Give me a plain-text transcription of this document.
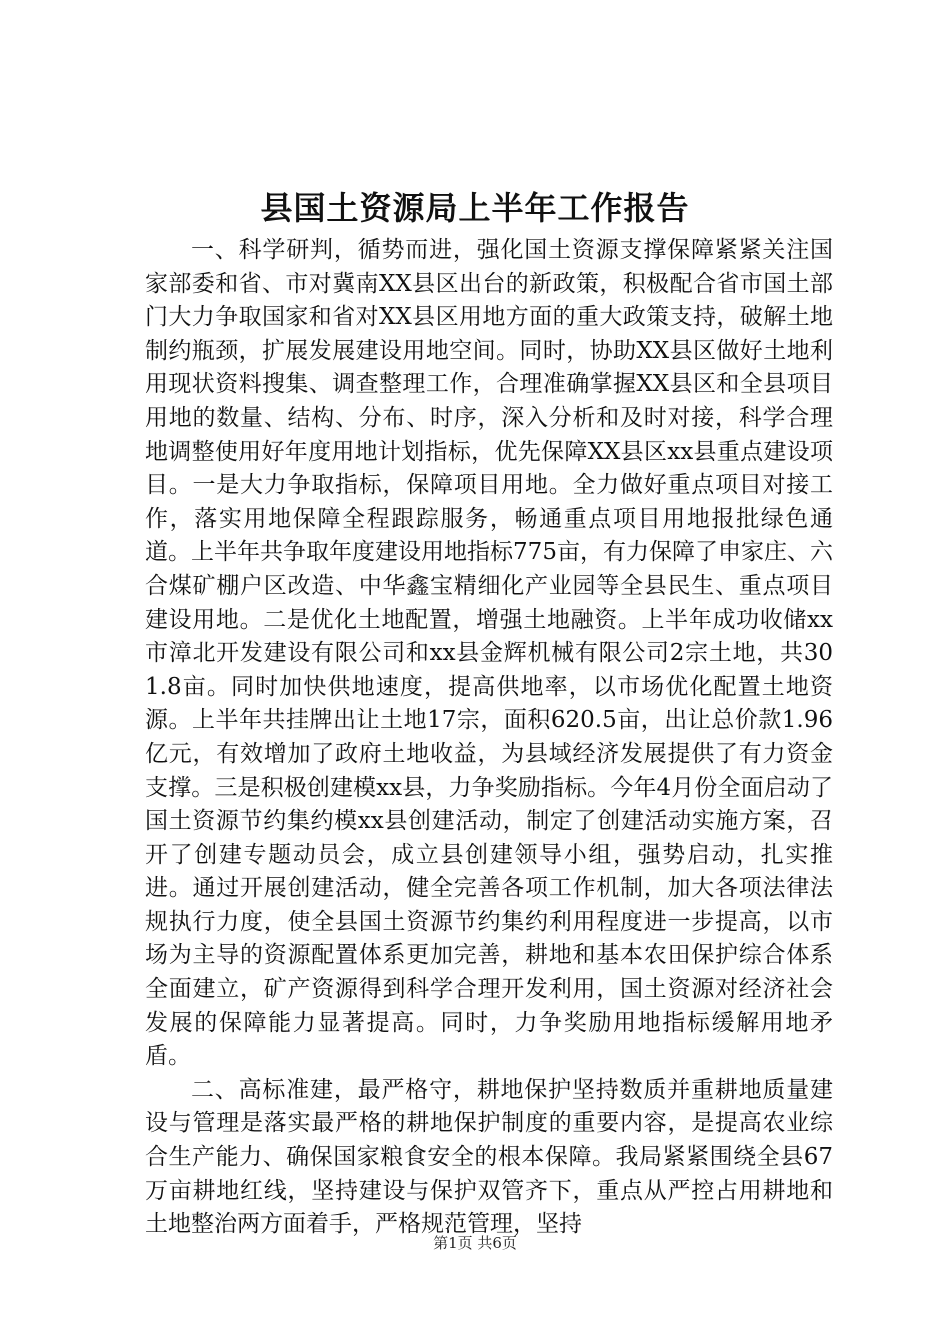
县国土资源局上半年工作报告

一、科学研判，循势而进，强化国土资源支撑保障紧紧关注国家部委和省、市对冀南XX县区出台的新政策，积极配合省市国土部门大力争取国家和省对XX县区用地方面的重大政策支持，破解土地制约瓶颈，扩展发展建设用地空间。同时，协助XX县区做好土地利用现状资料搜集、调查整理工作，合理准确掌握XX县区和全县项目用地的数量、结构、分布、时序，深入分析和及时对接，科学合理地调整使用好年度用地计划指标，优先保障XX县区xx县重点建设项目。一是大力争取指标，保障项目用地。全力做好重点项目对接工作，落实用地保障全程跟踪服务，畅通重点项目用地报批绿色通道。上半年共争取年度建设用地指标775亩，有力保障了申家庄、六合煤矿棚户区改造、中华鑫宝精细化产业园等全县民生、重点项目建设用地。二是优化土地配置，增强土地融资。上半年成功收储xx市漳北开发建设有限公司和xx县金辉机械有限公司2宗土地，共301.8亩。同时加快供地速度，提高供地率，以市场优化配置土地资源。上半年共挂牌出让土地17宗，面积620.5亩，出让总价款1.96亿元，有效增加了政府土地收益，为县域经济发展提供了有力资金支撑。三是积极创建模xx县，力争奖励指标。今年4月份全面启动了国土资源节约集约模xx县创建活动，制定了创建活动实施方案，召开了创建专题动员会，成立县创建领导小组，强势启动，扎实推进。通过开展创建活动，健全完善各项工作机制，加大各项法律法规执行力度，使全县国土资源节约集约利用程度进一步提高，以市场为主导的资源配置体系更加完善，耕地和基本农田保护综合体系全面建立，矿产资源得到科学合理开发利用，国土资源对经济社会发展的保障能力显著提高。同时，力争奖励用地指标缓解用地矛盾。

二、高标准建，最严格守，耕地保护坚持数质并重耕地质量建设与管理是落实最严格的耕地保护制度的重要内容，是提高农业综合生产能力、确保国家粮食安全的根本保障。我局紧紧围绕全县67万亩耕地红线，坚持建设与保护双管齐下，重点从严控占用耕地和土地整治两方面着手，严格规范管理，坚持

第1页 共6页
